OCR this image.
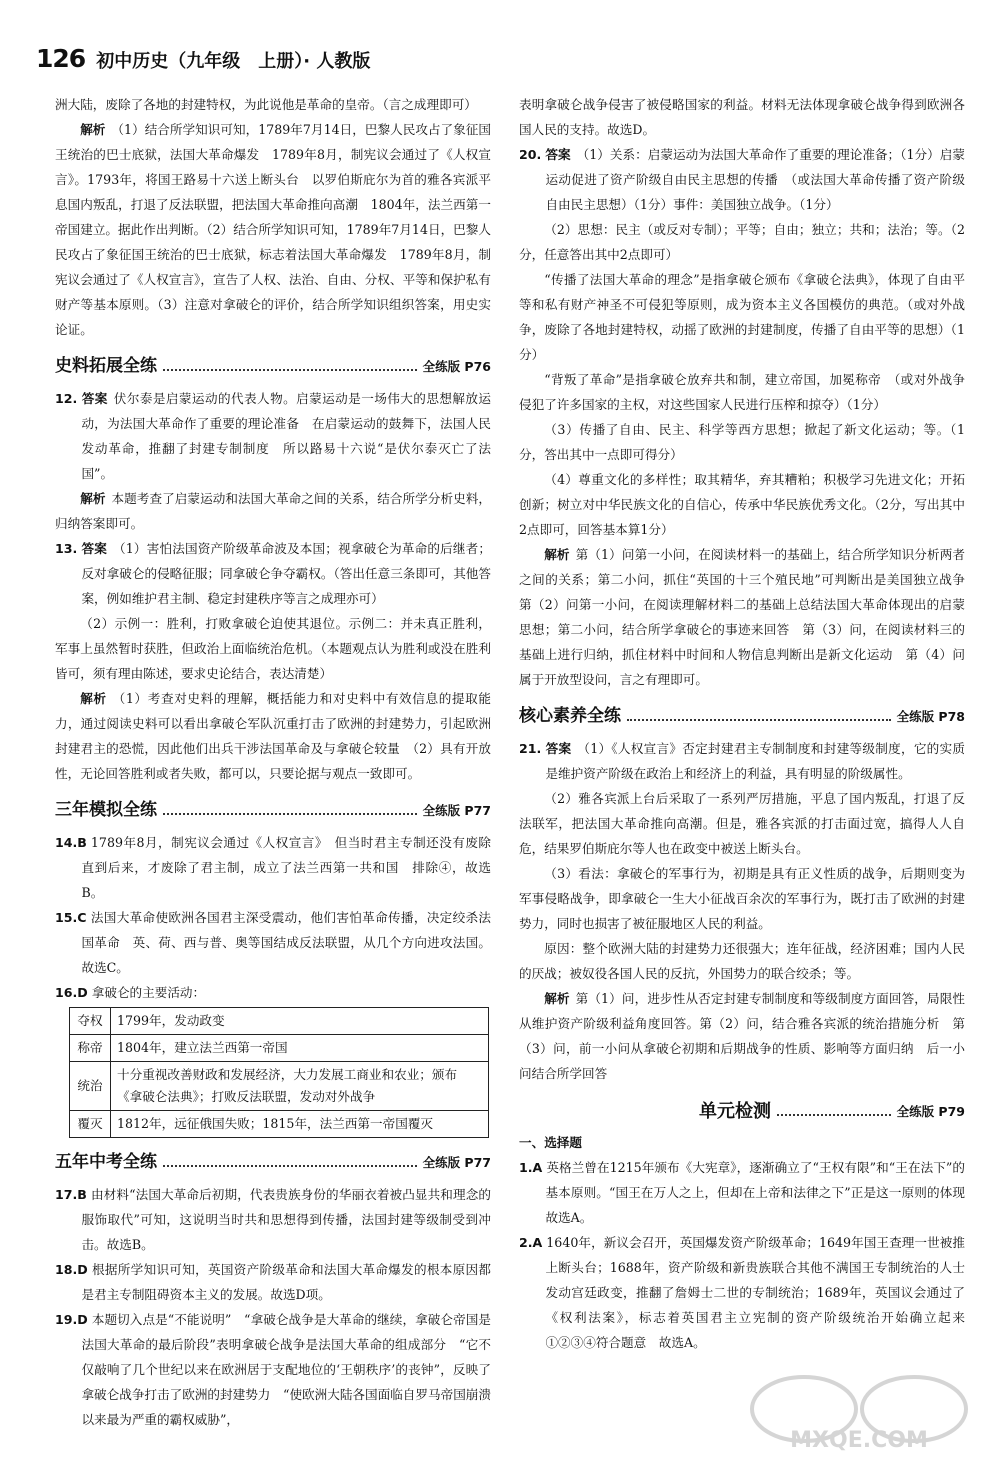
126 初中历史（九年级　上册）· 人教版

洲大陆，废除了各地的封建特权，为此说他是革命的皇帝。（言之成理即可）

解析 （1）结合所学知识可知，1789年7月14日，巴黎人民攻占了象征国王统治的巴士底狱，法国大革命爆发　1789年8月，制宪议会通过了《人权宣言》。1793年，将国王路易十六送上断头台　以罗伯斯庇尔为首的雅各宾派平息国内叛乱，打退了反法联盟，把法国大革命推向高潮　1804年，法兰西第一帝国建立。据此作出判断。（2）结合所学知识可知，1789年7月14日，巴黎人民攻占了象征国王统治的巴士底狱，标志着法国大革命爆发　1789年8月，制宪议会通过了《人权宣言》，宣告了人权、法治、自由、分权、平等和保护私有财产等基本原则。（3）注意对拿破仑的评价，结合所学知识组织答案，用史实论证。

史料拓展全练	全练版 P76

12. 答案 伏尔泰是启蒙运动的代表人物。启蒙运动是一场伟大的思想解放运动，为法国大革命作了重要的理论准备　在启蒙运动的鼓舞下，法国人民发动革命，推翻了封建专制制度　所以路易十六说“是伏尔泰灭亡了法国”。

解析 本题考查了启蒙运动和法国大革命之间的关系，结合所学分析史料，归纳答案即可。

13. 答案 （1）害怕法国资产阶级革命波及本国；视拿破仑为革命的后继者；反对拿破仑的侵略征服；同拿破仑争夺霸权。（答出任意三条即可，其他答案，例如维护君主制、稳定封建秩序等言之成理亦可）

（2）示例一：胜利，打败拿破仑迫使其退位。示例二：并未真正胜利，军事上虽然暂时获胜，但政治上面临统治危机。（本题观点认为胜利或没在胜利皆可，须有理由陈述，要求史论结合，表达清楚）

解析 （1）考查对史料的理解，概括能力和对史料中有效信息的提取能力，通过阅读史料可以看出拿破仑军队沉重打击了欧洲的封建势力，引起欧洲封建君主的恐慌，因此他们出兵干涉法国革命及与拿破仑较量　（2）具有开放性，无论回答胜利或者失败，都可以，只要论据与观点一致即可。

三年模拟全练	全练版 P77

14.B 1789年8月，制宪议会通过《人权宣言》　但当时君主专制还没有废除　直到后来，才废除了君主制，成立了法兰西第一共和国　排除④，故选B。

15.C 法国大革命使欧洲各国君主深受震动，他们害怕革命传播，决定绞杀法国革命　英、荷、西与普、奥等国结成反法联盟，从几个方向进攻法国。故选C。

16.D 拿破仑的主要活动：

夺权	1799年，发动政变
称帝	1804年，建立法兰西第一帝国
统治	十分重视改善财政和发展经济，大力发展工商业和农业；颁布《拿破仑法典》；打败反法联盟，发动对外战争
覆灭	1812年，远征俄国失败；1815年，法兰西第一帝国覆灭
五年中考全练	全练版 P77

17.B 由材料“法国大革命后初期，代表贵族身份的华丽衣着被凸显共和理念的服饰取代”可知，这说明当时共和思想得到传播，法国封建等级制受到冲击。故选B。

18.D 根据所学知识可知，英国资产阶级革命和法国大革命爆发的根本原因都是君主专制阻碍资本主义的发展。故选D项。

19.D 本题切入点是“不能说明”　“拿破仑战争是大革命的继续，拿破仑帝国是法国大革命的最后阶段”表明拿破仑战争是法国大革命的组成部分　“它不仅敲响了几个世纪以来在欧洲居于支配地位的‘王朝秩序’的丧钟”，反映了拿破仑战争打击了欧洲的封建势力　“使欧洲大陆各国面临自罗马帝国崩溃以来最为严重的霸权威胁”，

表明拿破仑战争侵害了被侵略国家的利益。材料无法体现拿破仑战争得到欧洲各国人民的支持。故选D。

20. 答案 （1）关系：启蒙运动为法国大革命作了重要的理论准备；（1分）启蒙运动促进了资产阶级自由民主思想的传播　（或法国大革命传播了资产阶级自由民主思想）（1分）事件：美国独立战争。（1分）

（2）思想：民主（或反对专制）；平等；自由；独立；共和；法治；等。（2分，任意答出其中2点即可）

“传播了法国大革命的理念”是指拿破仑颁布《拿破仑法典》，体现了自由平等和私有财产神圣不可侵犯等原则，成为资本主义各国模仿的典范。（或对外战争，废除了各地封建特权，动摇了欧洲的封建制度，传播了自由平等的思想）（1分）

“背叛了革命”是指拿破仑放弃共和制，建立帝国，加冕称帝　（或对外战争侵犯了许多国家的主权，对这些国家人民进行压榨和掠夺）（1分）

（3）传播了自由、民主、科学等西方思想；掀起了新文化运动；等。（1分，答出其中一点即可得分）

（4）尊重文化的多样性；取其精华，弃其糟粕；积极学习先进文化；开拓创新；树立对中华民族文化的自信心，传承中华民族优秀文化。（2分，写出其中2点即可，回答基本算1分）

解析 第（1）问第一小问，在阅读材料一的基础上，结合所学知识分析两者之间的关系；第二小问，抓住“英国的十三个殖民地”可判断出是美国独立战争　第（2）问第一小问，在阅读理解材料二的基础上总结法国大革命体现出的启蒙思想；第二小问，结合所学拿破仑的事迹来回答　第（3）问，在阅读材料三的基础上进行归纳，抓住材料中时间和人物信息判断出是新文化运动　第（4）问属于开放型设问，言之有理即可。

核心素养全练	全练版 P78

21. 答案 （1）《人权宣言》否定封建君主专制制度和封建等级制度，它的实质是维护资产阶级在政治上和经济上的利益，具有明显的阶级属性。

（2）雅各宾派上台后采取了一系列严厉措施，平息了国内叛乱，打退了反法联军，把法国大革命推向高潮。但是，雅各宾派的打击面过宽，搞得人人自危，结果罗伯斯庇尔等人也在政变中被送上断头台。

（3）看法：拿破仑的军事行为，初期是具有正义性质的战争，后期则变为军事侵略战争，即拿破仑一生大小征战百余次的军事行为，既打击了欧洲的封建势力，同时也损害了被征服地区人民的利益。

原因：整个欧洲大陆的封建势力还很强大；连年征战，经济困难；国内人民的厌战；被奴役各国人民的反抗，外国势力的联合绞杀；等。

解析 第（1）问，进步性从否定封建专制制度和等级制度方面回答，局限性从维护资产阶级利益角度回答。第（2）问，结合雅各宾派的统治措施分析　第（3）问，前一小问从拿破仑初期和后期战争的性质、影响等方面归纳　后一小问结合所学回答

单元检测	全练版 P79

一、选择题

1.A 英格兰曾在1215年颁布《大宪章》，逐渐确立了“王权有限”和“王在法下”的基本原则。“国王在万人之上，但却在上帝和法律之下”正是这一原则的体现　故选A。

2.A 1640年，新议会召开，英国爆发资产阶级革命；1649年国王查理一世被推上断头台；1688年，资产阶级和新贵族联合其他不满国王专制统治的人士发动宫廷政变，推翻了詹姆士二世的专制统治；1689年，英国议会通过了《权利法案》，标志着英国君主立宪制的资产阶级统治开始确立起来　①②③④符合题意　故选A。

MXQE.COM
